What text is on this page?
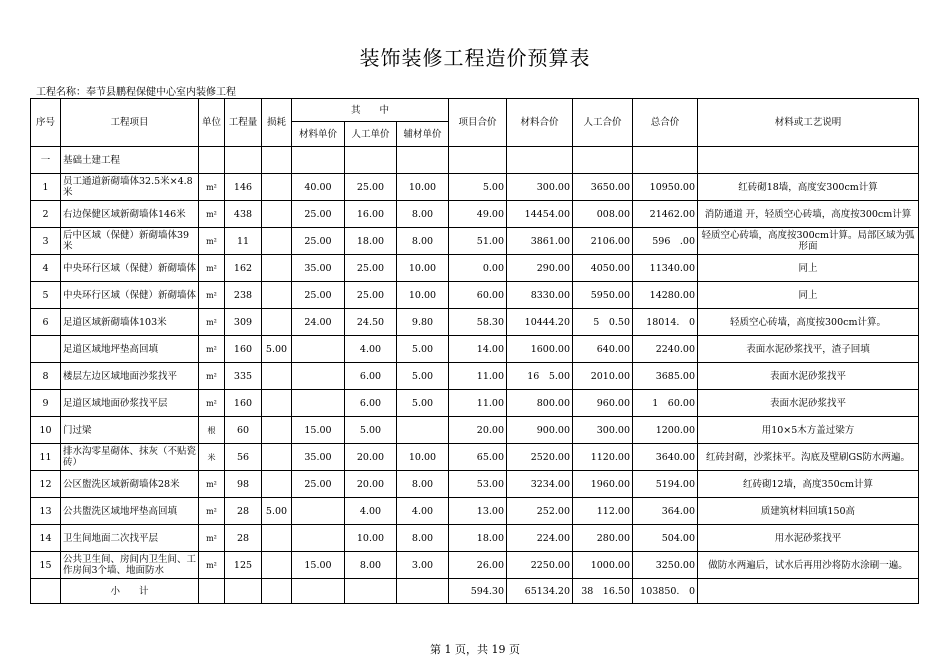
装饰装修工程造价预算表
工程名称：奉节县鹏程保健中心室内装修工程
序号	工程项目	单位	工程量	损耗	其　　中			项目合价	材料合价	人工合价	总合价	材料或工艺说明
					材料单价	人工单价	辅材单价					
一	基础土建工程											
1	员工通道新砌墙体32.5米×4.8米	m²	146		40.00	25.00	10.00	5.00	300.00	3650.00	10950.00	红砖砌18墙，高度安300cm计算
2	右边保健区域新砌墙体146米	m²	438		25.00	16.00	8.00	49.00	14454.00	008.00	21462.00	消防通道 开，轻质空心砖墙，高度按300cm计算
3	后中区域（保健）新砌墙体39米	m²	11		25.00	18.00	8.00	51.00	3861.00	2106.00	596　.00	轻质空心砖墙，高度按300cm计算。局部区域为弧形面
4	中央环行区域（保健）新砌墙体	m²	162		35.00	25.00	10.00	0.00	290.00	4050.00	11340.00	同上
5	中央环行区域（保健）新砌墙体	m²	238		25.00	25.00	10.00	60.00	8330.00	5950.00	14280.00	同上
6	足道区域新砌墙体103米	m²	309		24.00	24.50	9.80	58.30	10444.20	5　0.50	18014.　0	轻质空心砖墙，高度按300cm计算。
	足道区域地坪垫高回填	m²	160	5.00		4.00	5.00	14.00	1600.00	640.00	2240.00	表面水泥砂浆找平，渣子回填
8	楼层左边区域地面沙浆找平	m²	335			6.00	5.00	11.00	16　5.00	2010.00	3685.00	表面水泥砂浆找平
9	足道区域地面砂浆找平层	m²	160			6.00	5.00	11.00	800.00	960.00	1　60.00	表面水泥砂浆找平
10	门过梁	根	60		15.00	5.00		20.00	900.00	300.00	1200.00	用10×5木方盖过梁方
11	排水沟零星砌体、抹灰（不贴瓷砖）	米	56		35.00	20.00	10.00	65.00	2520.00	1120.00	3640.00	红砖封砌，沙浆抹平。沟底及壁刷GS防水两遍。
12	公区盥洗区域新砌墙体28米	m²	98		25.00	20.00	8.00	53.00	3234.00	1960.00	5194.00	红砖砌12墙，高度350cm计算
13	公共盥洗区域地坪垫高回填	m²	28	5.00		4.00	4.00	13.00	252.00	112.00	364.00	质建筑材料回填150高
14	卫生间地面二次找平层	m²	28			10.00	8.00	18.00	224.00	280.00	504.00	用水泥砂浆找平
15	公共卫生间、房间内卫生间、工作房间3个墙、地面防水	m²	125		15.00	8.00	3.00	26.00	2250.00	1000.00	3250.00	做防水两遍后，试水后再用沙将防水涂刷一遍。
	小　　计							594.30	65134.20	38　16.50	103850.　0	
第 1 页，共 19 页
